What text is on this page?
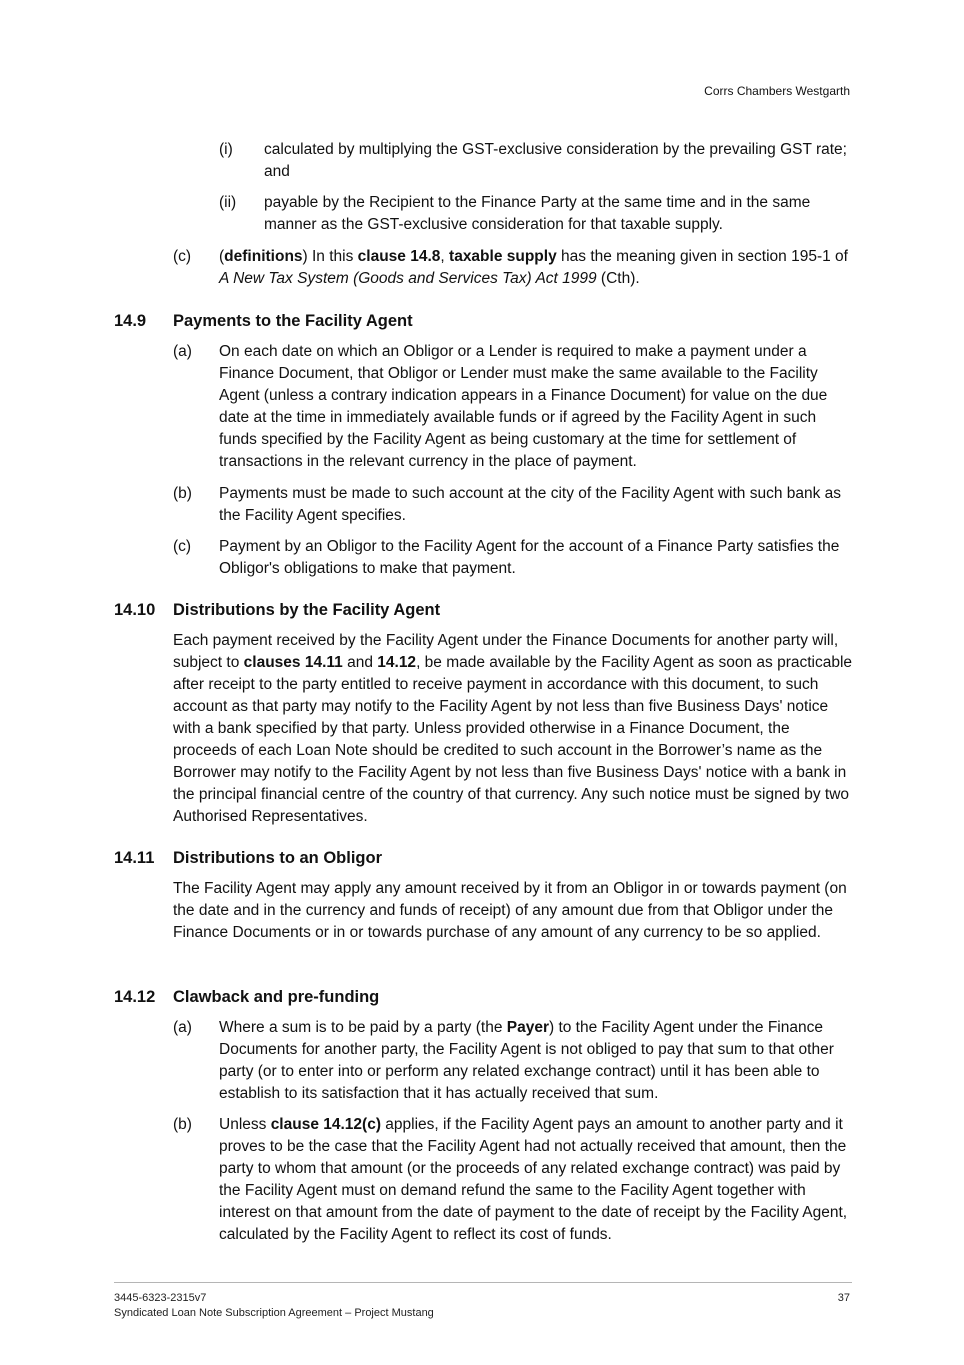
Corrs Chambers Westgarth
(i) calculated by multiplying the GST-exclusive consideration by the prevailing GST rate; and
(ii) payable by the Recipient to the Finance Party at the same time and in the same manner as the GST-exclusive consideration for that taxable supply.
(c) (definitions) In this clause 14.8, taxable supply has the meaning given in section 195-1 of A New Tax System (Goods and Services Tax) Act 1999 (Cth).
14.9 Payments to the Facility Agent
(a) On each date on which an Obligor or a Lender is required to make a payment under a Finance Document, that Obligor or Lender must make the same available to the Facility Agent (unless a contrary indication appears in a Finance Document) for value on the due date at the time in immediately available funds or if agreed by the Facility Agent in such funds specified by the Facility Agent as being customary at the time for settlement of transactions in the relevant currency in the place of payment.
(b) Payments must be made to such account at the city of the Facility Agent with such bank as the Facility Agent specifies.
(c) Payment by an Obligor to the Facility Agent for the account of a Finance Party satisfies the Obligor's obligations to make that payment.
14.10 Distributions by the Facility Agent
Each payment received by the Facility Agent under the Finance Documents for another party will, subject to clauses 14.11 and 14.12, be made available by the Facility Agent as soon as practicable after receipt to the party entitled to receive payment in accordance with this document, to such account as that party may notify to the Facility Agent by not less than five Business Days' notice with a bank specified by that party. Unless provided otherwise in a Finance Document, the proceeds of each Loan Note should be credited to such account in the Borrower’s name as the Borrower may notify to the Facility Agent by not less than five Business Days' notice with a bank in the principal financial centre of the country of that currency. Any such notice must be signed by two Authorised Representatives.
14.11 Distributions to an Obligor
The Facility Agent may apply any amount received by it from an Obligor in or towards payment (on the date and in the currency and funds of receipt) of any amount due from that Obligor under the Finance Documents or in or towards purchase of any amount of any currency to be so applied.
14.12 Clawback and pre-funding
(a) Where a sum is to be paid by a party (the Payer) to the Facility Agent under the Finance Documents for another party, the Facility Agent is not obliged to pay that sum to that other party (or to enter into or perform any related exchange contract) until it has been able to establish to its satisfaction that it has actually received that sum.
(b) Unless clause 14.12(c) applies, if the Facility Agent pays an amount to another party and it proves to be the case that the Facility Agent had not actually received that amount, then the party to whom that amount (or the proceeds of any related exchange contract) was paid by the Facility Agent must on demand refund the same to the Facility Agent together with interest on that amount from the date of payment to the date of receipt by the Facility Agent, calculated by the Facility Agent to reflect its cost of funds.
3445-6323-2315v7
Syndicated Loan Note Subscription Agreement – Project Mustang
37
